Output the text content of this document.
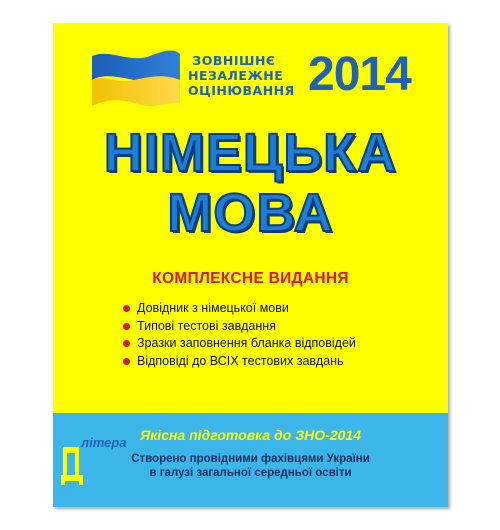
ЗОВНІШНЄ
НЕЗАЛЕЖНЕ
ОЦІНЮВАННЯ 2014
НІМЕЦЬКА
МОВА
КОМПЛЕКСНЕ ВИДАННЯ
Довідник з німецької мови
Типові тестові завдання
Зразки заповнення бланка відповідей
Відповіді до ВСІХ тестових завдань
літера Якісна підготовка до ЗНО-2014
Створено провідними фахівцями України
в галузі загальної середньої освіти
